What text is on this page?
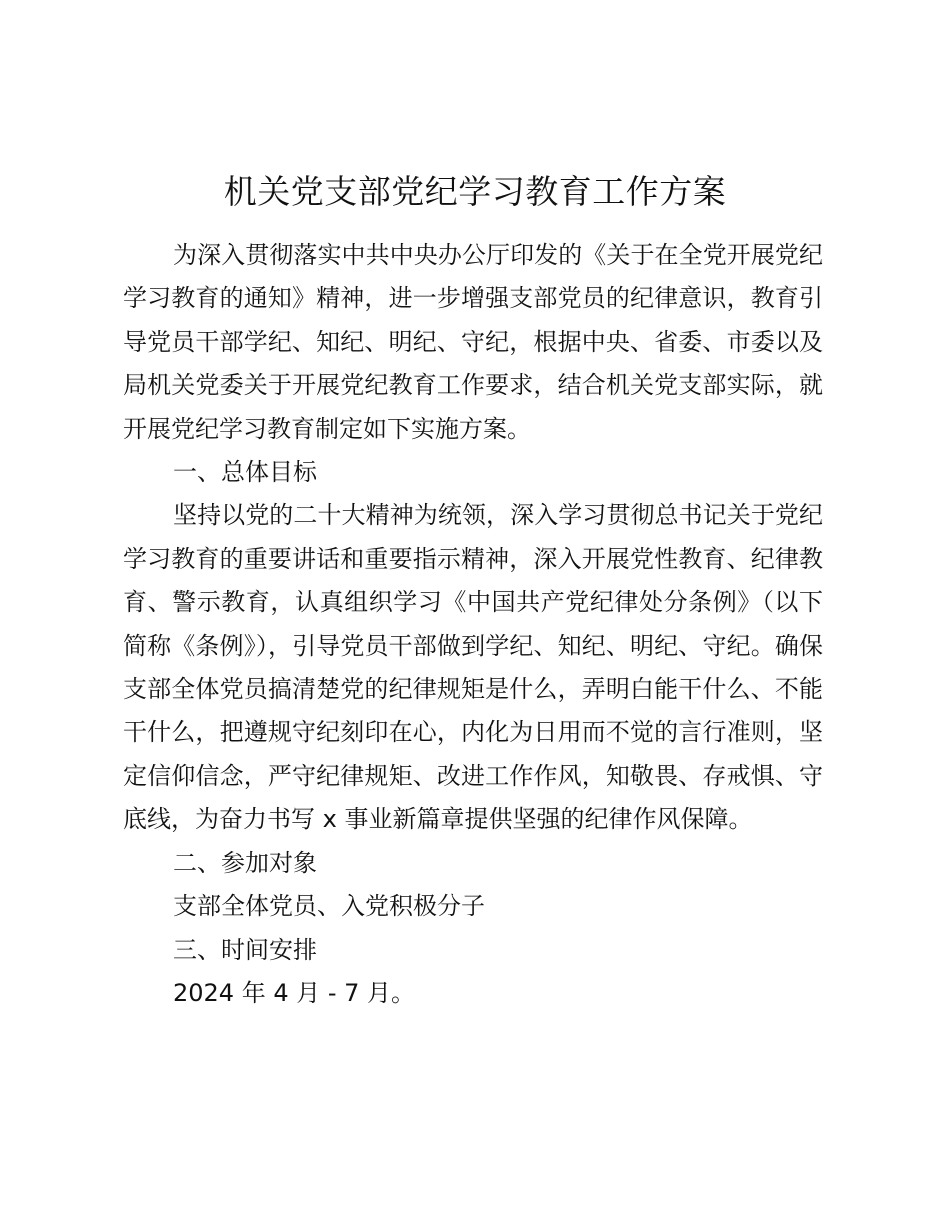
机关党支部党纪学习教育工作方案

为深入贯彻落实中共中央办公厅印发的《关于在全党开展党纪学习教育的通知》精神，进一步增强支部党员的纪律意识，教育引导党员干部学纪、知纪、明纪、守纪，根据中央、省委、市委以及局机关党委关于开展党纪教育工作要求，结合机关党支部实际，就开展党纪学习教育制定如下实施方案。

一、总体目标

坚持以党的二十大精神为统领，深入学习贯彻总书记关于党纪学习教育的重要讲话和重要指示精神，深入开展党性教育、纪律教育、警示教育，认真组织学习《中国共产党纪律处分条例》（以下简称《条例》），引导党员干部做到学纪、知纪、明纪、守纪。确保支部全体党员搞清楚党的纪律规矩是什么，弄明白能干什么、不能干什么，把遵规守纪刻印在心，内化为日用而不觉的言行准则，坚定信仰信念，严守纪律规矩、改进工作作风，知敬畏、存戒惧、守底线，为奋力书写 x 事业新篇章提供坚强的纪律作风保障。

二、参加对象

支部全体党员、入党积极分子

三、时间安排

2024 年 4 月 - 7 月。
